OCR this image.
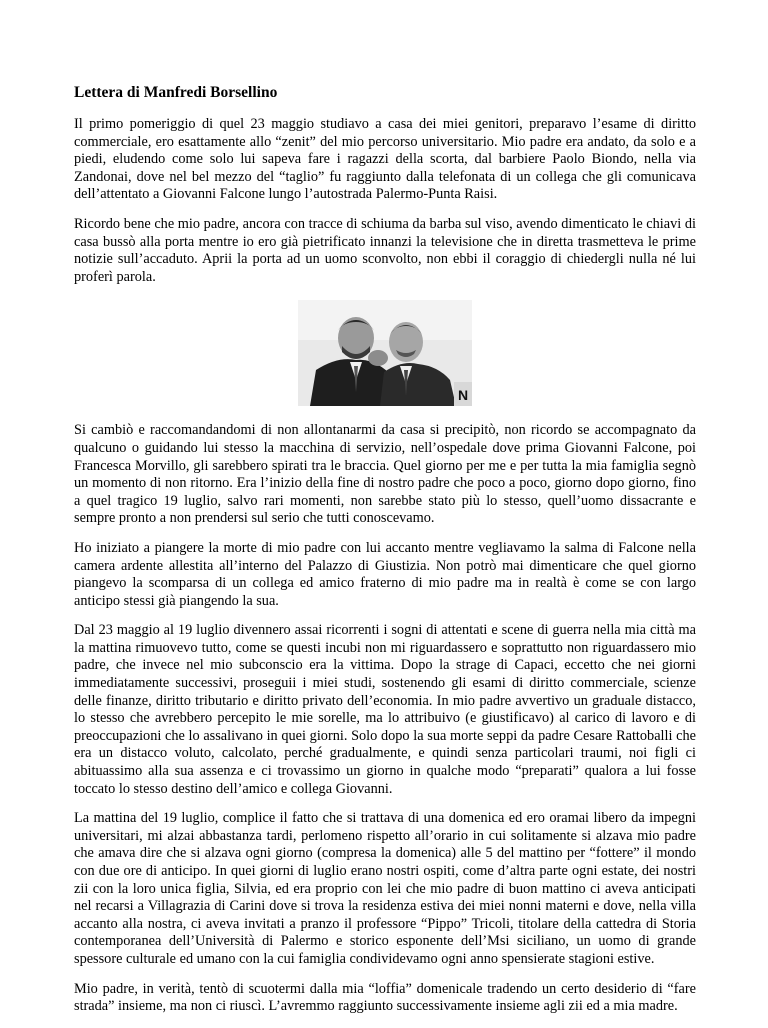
Lettera di Manfredi Borsellino

Il primo pomeriggio di quel 23 maggio studiavo a casa dei miei genitori, preparavo l’esame di diritto commerciale, ero esattamente allo “zenit” del mio percorso universitario. Mio padre era andato, da solo e a piedi, eludendo come solo lui sapeva fare i ragazzi della scorta, dal barbiere Paolo Biondo, nella via Zandonai, dove nel bel mezzo del “taglio” fu raggiunto dalla telefonata di un collega che gli comunicava dell’attentato a Giovanni Falcone lungo l’autostrada Palermo-Punta Raisi.

Ricordo bene che mio padre, ancora con tracce di schiuma da barba sul viso, avendo dimenticato le chiavi di casa bussò alla porta mentre io ero già pietrificato innanzi la televisione che in diretta trasmetteva le prime notizie sull’accaduto. Aprii la porta ad un uomo sconvolto, non ebbi il coraggio di chiedergli nulla né lui proferì parola.

N

Si cambiò e raccomandandomi di non allontanarmi da casa si precipitò, non ricordo se accompagnato da qualcuno o guidando lui stesso la macchina di servizio, nell’ospedale dove prima Giovanni Falcone, poi Francesca Morvillo, gli sarebbero spirati tra le braccia. Quel giorno per me e per tutta la mia famiglia segnò un momento di non ritorno. Era l’inizio della fine di nostro padre che poco a poco, giorno dopo giorno, fino a quel tragico 19 luglio, salvo rari momenti, non sarebbe stato più lo stesso, quell’uomo dissacrante e sempre pronto a non prendersi sul serio che tutti conoscevamo.

Ho iniziato a piangere la morte di mio padre con lui accanto mentre vegliavamo la salma di Falcone nella camera ardente allestita all’interno del Palazzo di Giustizia. Non potrò mai dimenticare che quel giorno piangevo la scomparsa di un collega ed amico fraterno di mio padre ma in realtà è come se con largo anticipo stessi già piangendo la sua.

Dal 23 maggio al 19 luglio divennero assai ricorrenti i sogni di attentati e scene di guerra nella mia città ma la mattina rimuovevo tutto, come se questi incubi non mi riguardassero e soprattutto non riguardassero mio padre, che invece nel mio subconscio era la vittima. Dopo la strage di Capaci, eccetto che nei giorni immediatamente successivi, proseguii i miei studi, sostenendo gli esami di diritto commerciale, scienze delle finanze, diritto tributario e diritto privato dell’economia. In mio padre avvertivo un graduale distacco, lo stesso che avrebbero percepito le mie sorelle, ma lo attribuivo (e giustificavo) al carico di lavoro e di preoccupazioni che lo assalivano in quei giorni. Solo dopo la sua morte seppi da padre Cesare Rattoballi che era un distacco voluto, calcolato, perché gradualmente, e quindi senza particolari traumi, noi figli ci abituassimo alla sua assenza e ci trovassimo un giorno in qualche modo “preparati” qualora a lui fosse toccato lo stesso destino dell’amico e collega Giovanni.

La mattina del 19 luglio, complice il fatto che si trattava di una domenica ed ero oramai libero da impegni universitari, mi alzai abbastanza tardi, perlomeno rispetto all’orario in cui solitamente si alzava mio padre che amava dire che si alzava ogni giorno (compresa la domenica) alle 5 del mattino per “fottere” il mondo con due ore di anticipo. In quei giorni di luglio erano nostri ospiti, come d’altra parte ogni estate, dei nostri zii con la loro unica figlia, Silvia, ed era proprio con lei che mio padre di buon mattino ci aveva anticipati nel recarsi a Villagrazia di Carini dove si trova la residenza estiva dei miei nonni materni e dove, nella villa accanto alla nostra, ci aveva invitati a pranzo il professore “Pippo” Tricoli, titolare della cattedra di Storia contemporanea dell’Università di Palermo e storico esponente dell’Msi siciliano, un uomo di grande spessore culturale ed umano con la cui famiglia condividevamo ogni anno spensierate stagioni estive.

Mio padre, in verità, tentò di scuotermi dalla mia “loffia” domenicale tradendo un certo desiderio di “fare strada” insieme, ma non ci riuscì. L’avremmo raggiunto successivamente insieme agli zii ed a mia madre.
